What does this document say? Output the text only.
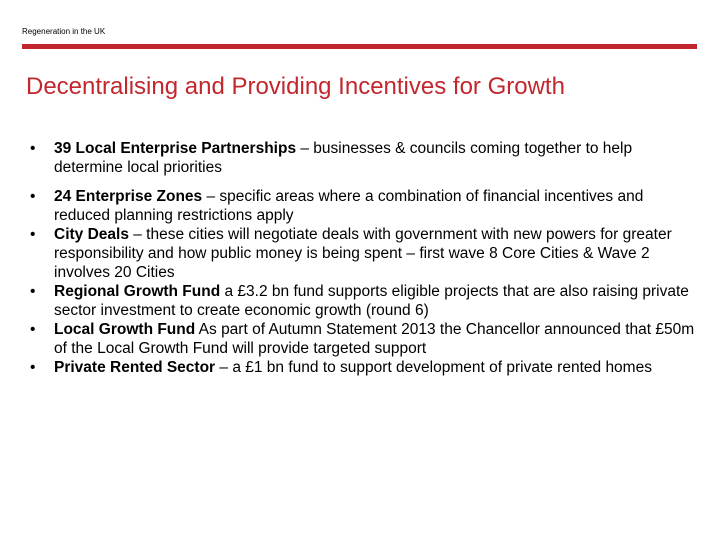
Regeneration in the UK
Decentralising and Providing Incentives for Growth
•	39 Local Enterprise Partnerships – businesses & councils coming together to help determine local priorities
•	24 Enterprise Zones – specific areas where a combination of financial incentives and reduced planning restrictions apply
•	City Deals – these cities will negotiate deals with government with new powers for greater responsibility and how public money is being spent – first wave 8 Core Cities & Wave 2 involves 20 Cities
•	Regional Growth Fund a £3.2 bn fund supports eligible projects that are also raising private sector investment to create economic growth (round 6)
•	Local Growth Fund As part of Autumn Statement 2013 the Chancellor announced that £50m of the Local Growth Fund will provide targeted support
•	Private Rented Sector – a £1 bn fund to support development of private rented homes
